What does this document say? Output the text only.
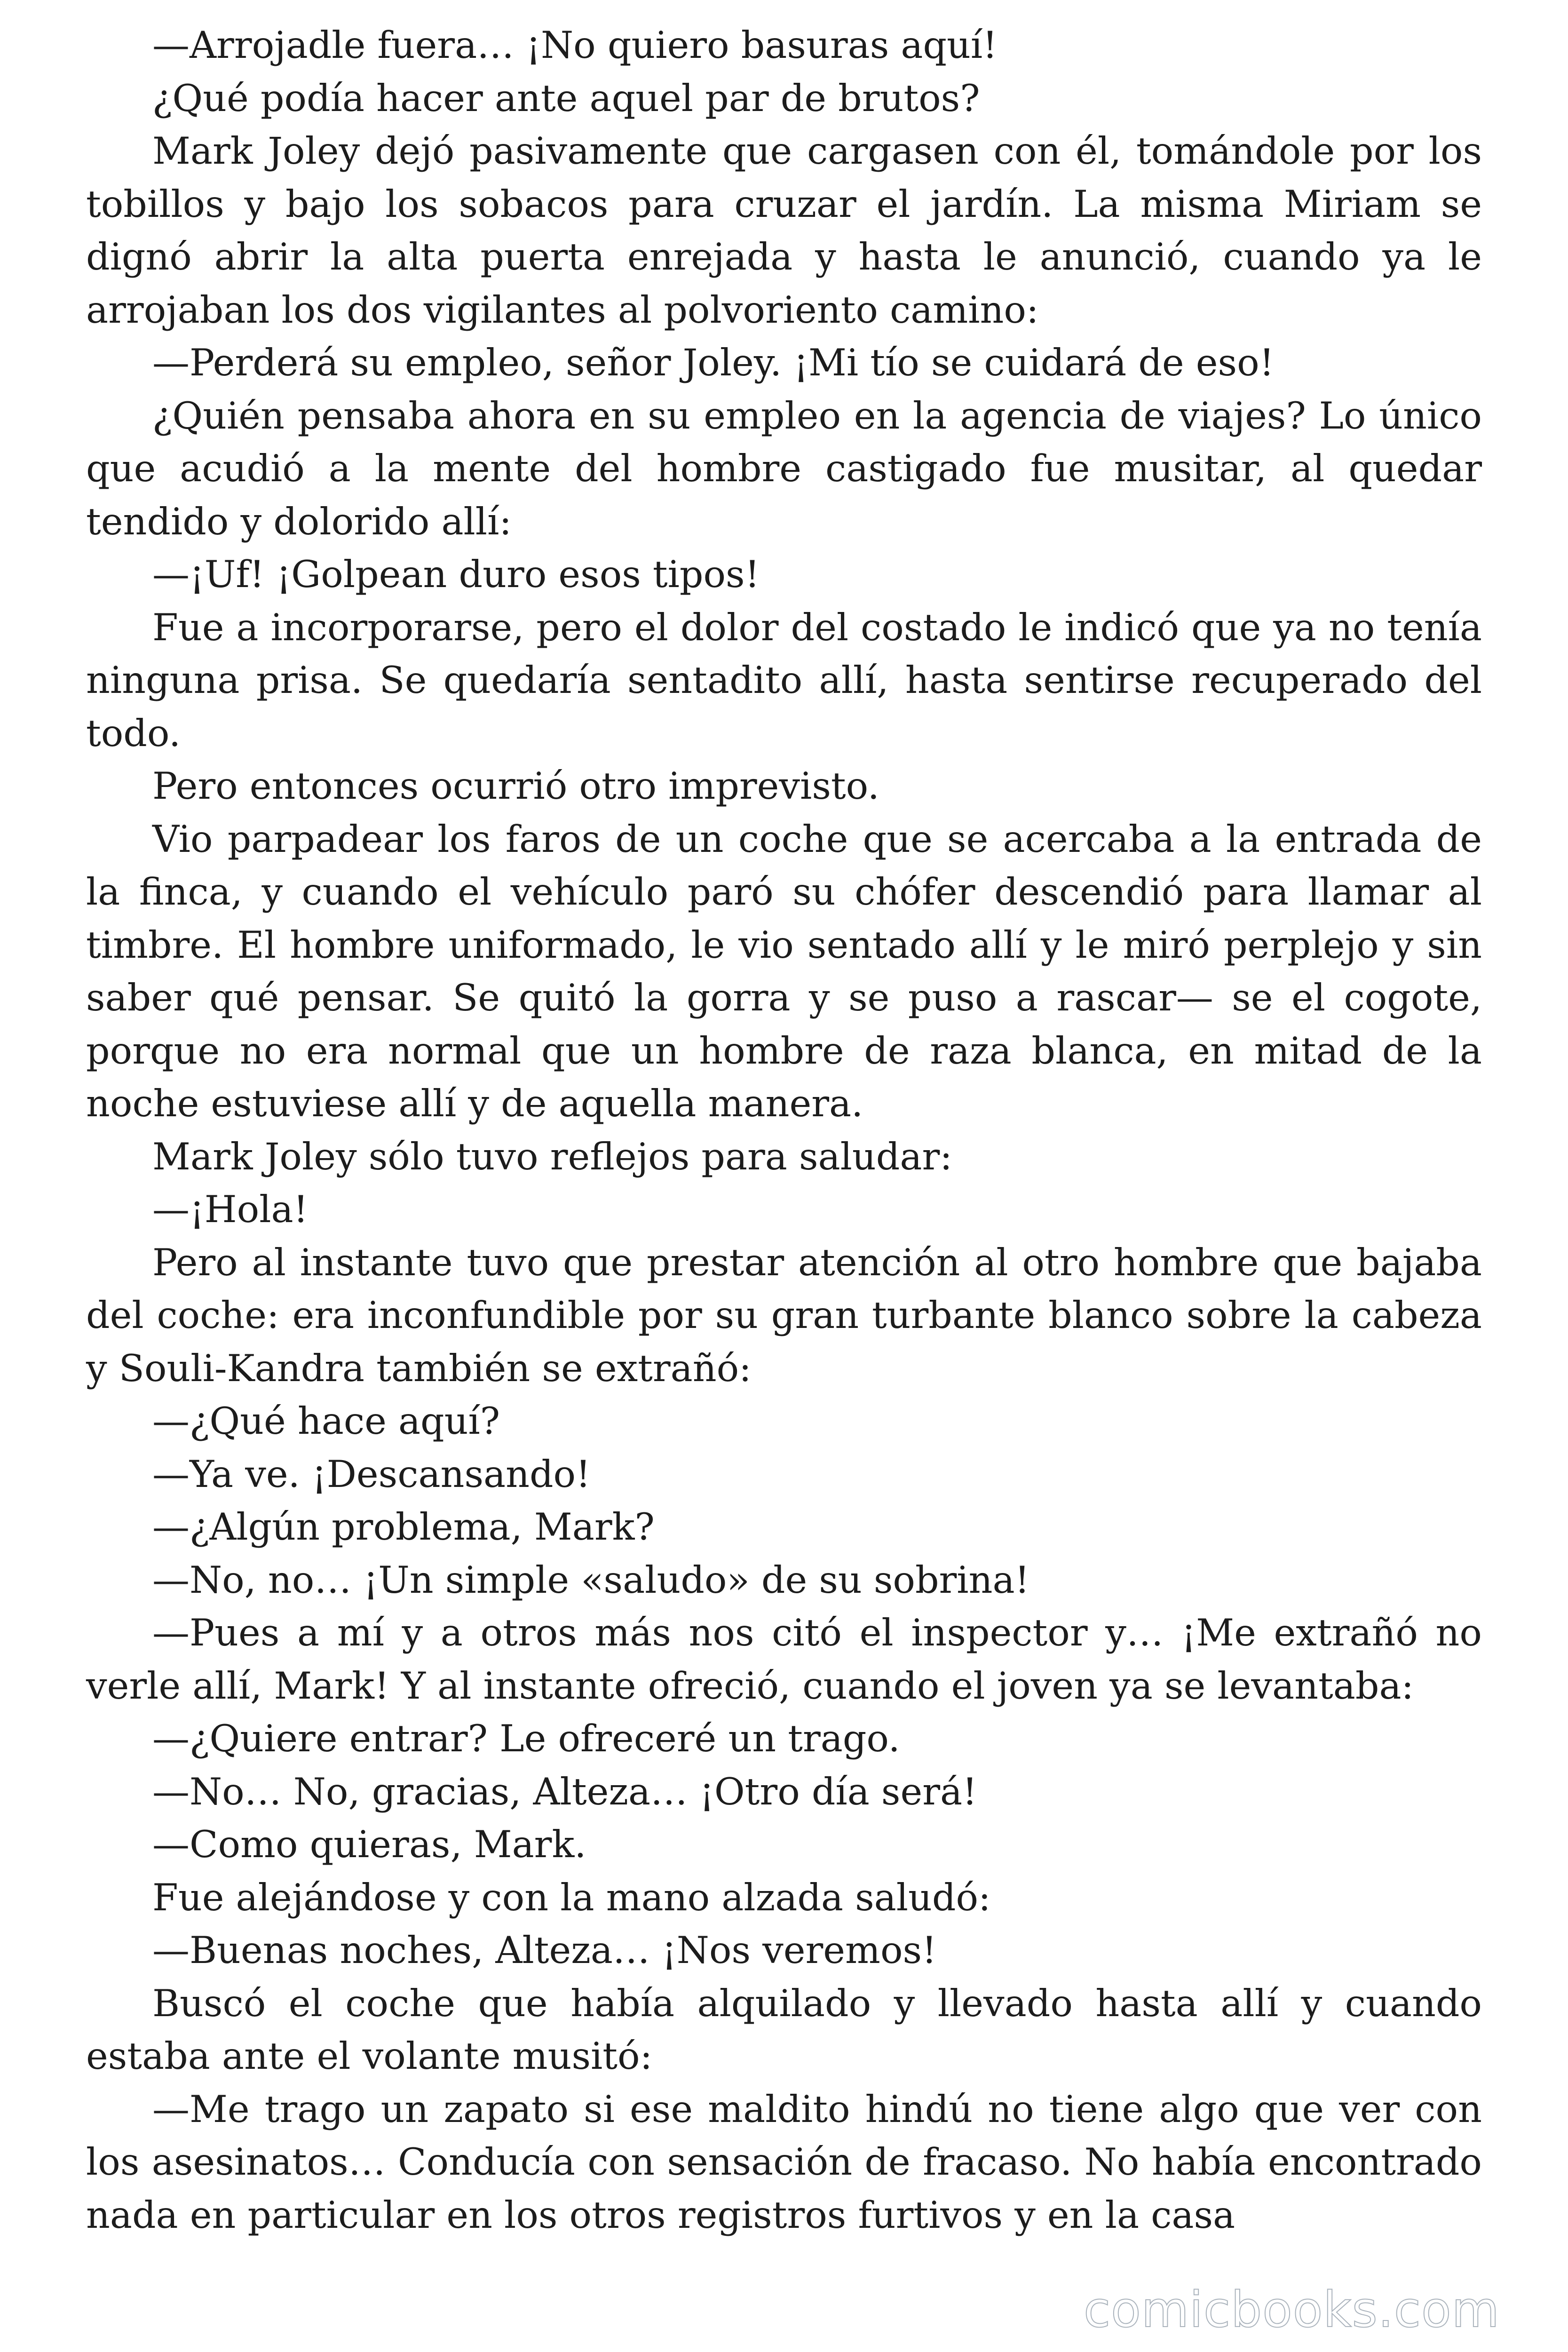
—Arrojadle fuera… ¡No quiero basuras aquí!

¿Qué podía hacer ante aquel par de brutos?

Mark Joley dejó pasivamente que cargasen con él, tomándole por los tobillos y bajo los sobacos para cruzar el jardín. La misma Miriam se dignó abrir la alta puerta enrejada y hasta le anunció, cuando ya le arrojaban los dos vigilantes al polvoriento camino:

—Perderá su empleo, señor Joley. ¡Mi tío se cuidará de eso!

¿Quién pensaba ahora en su empleo en la agencia de viajes? Lo único que acudió a la mente del hombre castigado fue musitar, al quedar tendido y dolorido allí:

—¡Uf! ¡Golpean duro esos tipos!

Fue a incorporarse, pero el dolor del costado le indicó que ya no tenía ninguna prisa. Se quedaría sentadito allí, hasta sentirse recuperado del todo.

Pero entonces ocurrió otro imprevisto.

Vio parpadear los faros de un coche que se acercaba a la entrada de la finca, y cuando el vehículo paró su chófer descendió para llamar al timbre. El hombre uniformado, le vio sentado allí y le miró perplejo y sin saber qué pensar. Se quitó la gorra y se puso a rascar— se el cogote, porque no era normal que un hombre de raza blanca, en mitad de la noche estuviese allí y de aquella manera.

Mark Joley sólo tuvo reflejos para saludar:

—¡Hola!

Pero al instante tuvo que prestar atención al otro hombre que bajaba del coche: era inconfundible por su gran turbante blanco sobre la cabeza y Souli-Kandra también se extrañó:

—¿Qué hace aquí?

—Ya ve. ¡Descansando!

—¿Algún problema, Mark?

—No, no… ¡Un simple «saludo» de su sobrina!

—Pues a mí y a otros más nos citó el inspector y… ¡Me extrañó no verle allí, Mark! Y al instante ofreció, cuando el joven ya se levantaba:

—¿Quiere entrar? Le ofreceré un trago.

—No… No, gracias, Alteza… ¡Otro día será!

—Como quieras, Mark.

Fue alejándose y con la mano alzada saludó:

—Buenas noches, Alteza… ¡Nos veremos!

Buscó el coche que había alquilado y llevado hasta allí y cuando estaba ante el volante musitó:

—Me trago un zapato si ese maldito hindú no tiene algo que ver con los asesinatos… Conducía con sensación de fracaso. No había encontrado nada en particular en los otros registros furtivos y en la casa

comicbooks.com
